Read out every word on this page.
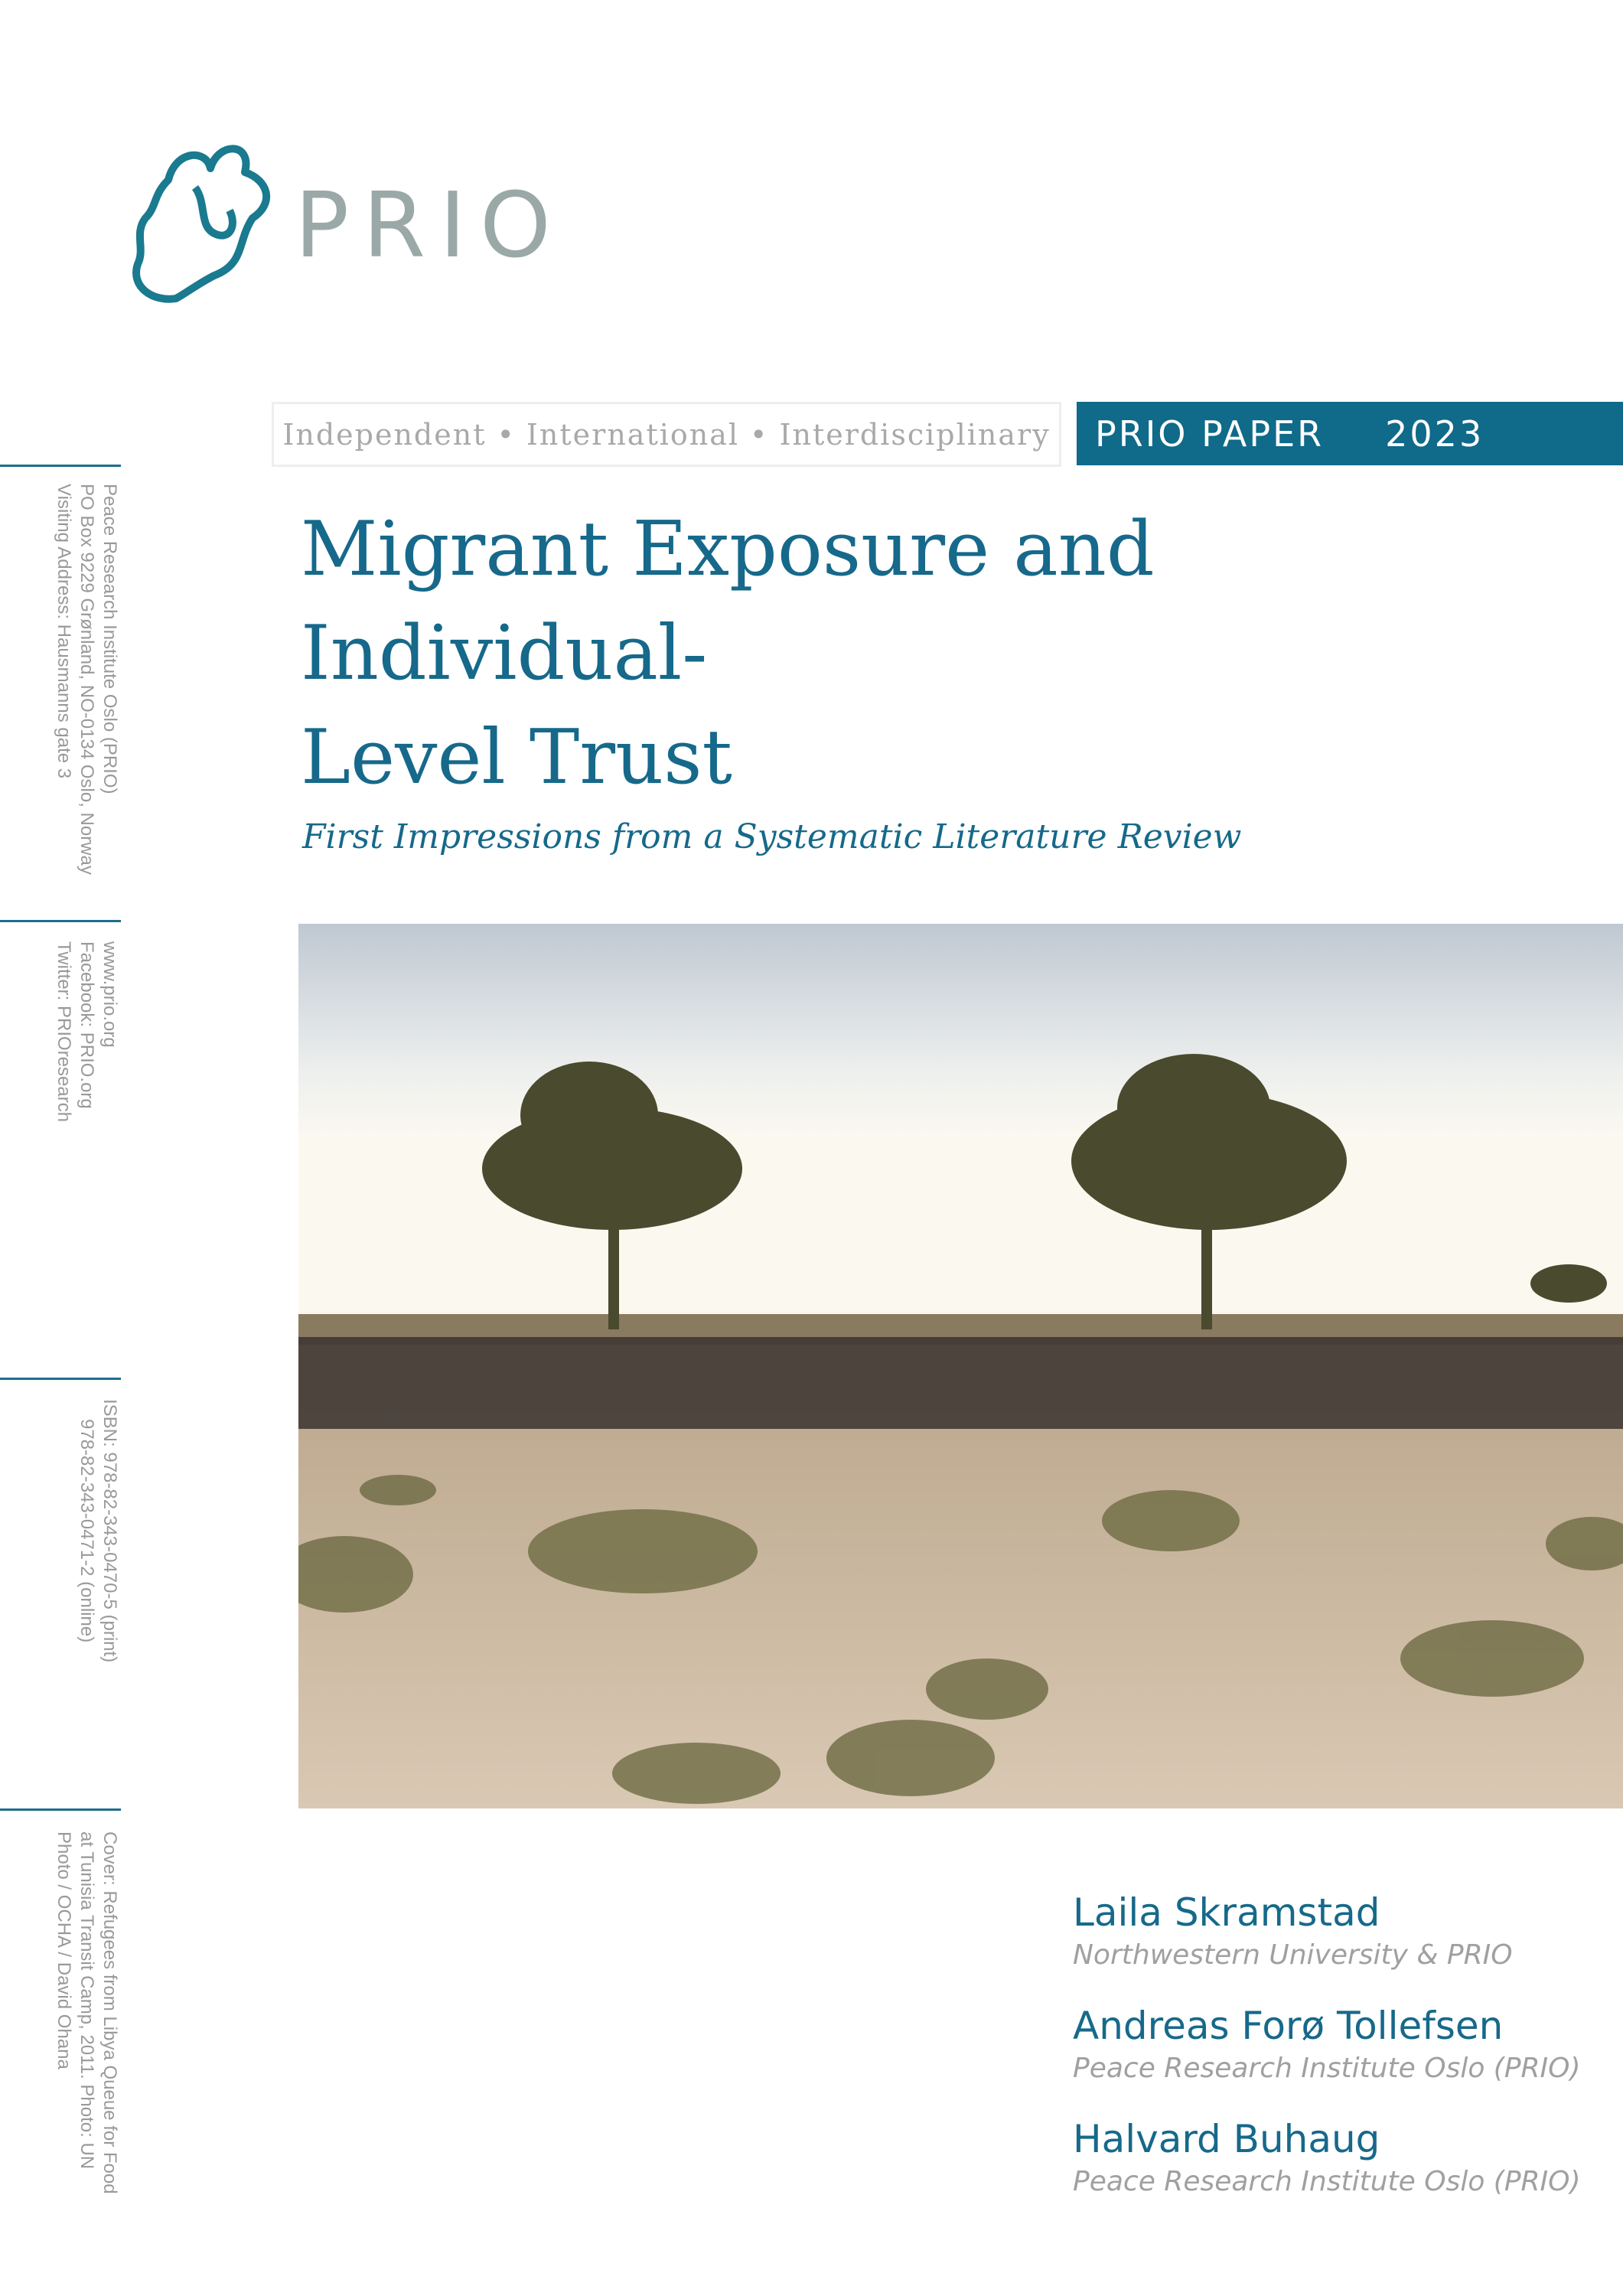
PRIO
Independent • International • Interdisciplinary PRIO PAPER 2023
Migrant Exposure and Individual-
Level Trust
First Impressions from a Systematic Literature Review
Peace Research Institute Oslo (PRIO)
PO Box 9229 Grønland, NO-0134 Oslo, Norway
Visiting Address: Hausmanns gate 3
www.prio.org
Facebook: PRIO.org
Twitter: PRIOresearch
ISBN: 978-82-343-0470-5 (print)
978-82-343-0471-2 (online)
Cover: Refugees from Libya Queue for Food
at Tunisia Transit Camp, 2011. Photo: UN
Photo / OCHA / David Ohana	Laila Skramstad
Northwestern University & PRIO
Andreas Forø Tollefsen
Peace Research Institute Oslo (PRIO)
Halvard Buhaug
Peace Research Institute Oslo (PRIO)
